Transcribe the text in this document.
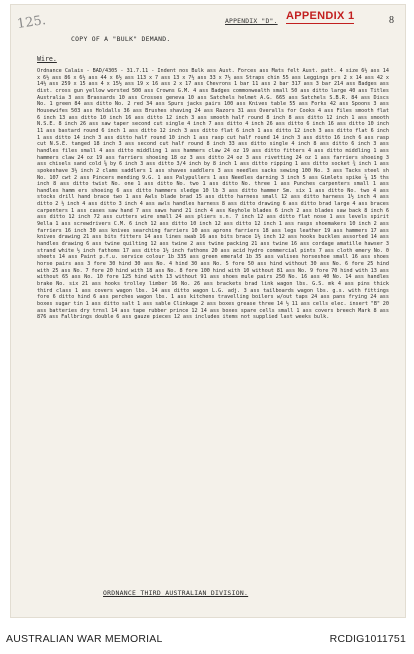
125.	APPENDIX "D". APPENDIX 1	8
COPY OF A "BULK" DEMAND.
Wire.
Ordnance Calais - BAD/4305 - 31.7.11 - Indent nos Bulk ass Aust. Forces ass Mats felt Aust. patt. 4 size 6½ ass 14 x 6½ ass 86 x 6½ ass 44 x 6½ ass 113 x 7 ass 13 x 7½ ass 33 x 7½ ass Straps chin 55 ass Leggings prs 2 x 14 ass 42 x 14½ ass 259 x 15 ass 4 x 15½ ass 19 x 16 ass 2 x 17 ass Chevrons 1 bar 11 ass 2 bar 317 ass 3 bar 214 ass Badges ass dist. cross gun yellow worsted 500 ass Crowns G.M. 4 ass Badges commonwealth small 50 ass ditto large 40 ass Titles Australia 3 ass Brassards 10 ass Crosses geneva 10 ass Satchels helmet A.G. 665 ass Satchels S.B.R. 84 ass Discs No. 1 green 84 ass ditto No. 2 red 34 ass Spurs jacks pairs 100 ass Knives table 55 ass Forks 42 ass Spoons 3 ass Housewifes 503 ass Holdalls 36 ass Brushes shaving 24 ass Razors 31 ass Overalls for Cooks 4 ass Files smooth flat 6 inch 13 ass ditto 10 inch 16 ass ditto 12 inch 3 ass smooth half round 8 inch 8 ass ditto 12 inch 1 ass smooth N.S.E. 8 inch 26 ass saw taper second cut single 4 inch 7 ass ditto 4 inch 26 ass ditto 6 inch 16 ass ditto 10 inch 11 ass bastard round 6 inch 1 ass ditto 12 inch 3 ass ditto flat 6 inch 1 ass ditto 12 inch 3 ass ditto flat 6 inch 1 ass ditto 14 inch 3 ass ditto half round 10 inch 1 ass rasp cut half round 14 inch 3 ass ditto 16 inch 6 ass rasp cut N.S.E. tanged 18 inch 3 ass second cut half round 8 inch 33 ass ditto single 4 inch 8 ass ditto 6 inch 3 ass handles files small 4 ass ditto middling 1 ass hammers claw 24 oz 19 ass ditto fitters 4 ass ditto middling 1 ass hammers claw 24 oz 19 ass farriers shoeing 18 oz 3 ass ditto 24 oz 3 ass rivetting 24 oz 1 ass farriers shoeing 3 ass chisels sand cold ⅝ by 6 inch 3 ass ditto 3/4 inch by 8 inch 1 ass ditto ripping 1 ass ditto socket ¾ inch 1 ass spokeshave 3½ inch 2 clams saddlers 1 ass shaves saddlers 3 ass needles sacks sewing 100 No. 3 ass Tacks steel sh No. 107 cwt 2 ass Pincers mending 9.G. 1 ass Palypullers 1 ass Needles darning 3 inch 5 ass Gimlets spike ⅞ 15 ths inch 8 ass ditto twist No. one 1 ass ditto No. two 1 ass ditto No. three 1 ass Punches carpenters small 1 ass handles hamm ers shoeing 6 ass ditto hammers sledge 10 lb 3 ass ditto hammer Sm. six 1 ass ditto No. two 4 ass stocks drill hand brace two 1 ass Awls blade brad 15 ass ditto harness small 12 ass ditto harness 1½ inch 4 ass ditto 2 ½ inch 4 ass ditto 3 inch 4 ass awls handles harness 8 ass ditto drawing 6 ass ditto brad large 4 ass braces carpenters 1 ass cases saw hand 7 ass saws hand 21 inch 4 ass Keyhole blades 6 inch 2 ass blades saw back 8 inch 6 ass ditto 12 inch 72 ass cutters wire small 24 ass pliers s.n. 7 inch 12 ass ditto flat nose 1 ass levels spirit 9ella 1 ass screwdrivers C.M. 6 inch 12 ass ditto 10 inch 12 ass ditto 12 inch 1 ass rasps shoemakers 10 inch 2 ass farriers 16 inch 30 ass knives searching farriers 10 ass aprons farriers 18 ass legs leather 19 ass hammers 17 ass knives drawing 21 ass bits fitters 14 ass lines swab 16 ass bits brace 1½ inch 12 ass hooks buckles assorted 14 ass handles drawing 6 ass twine quilting 12 ass twine 2 ass twine packing 21 ass twine 16 ass cordage amatille hawser 3 strand white ½ inch fathoms 17 ass ditto 1½ inch fathoms 20 ass acid hydro commercial pints 7 ass cloth emery No. 0 sheets 14 ass Paint p.f.u. service colour 1b 335 ass green emerald 1b 35 ass valises horseshoe small 16 ass shoes horse pairs ass 3 fore 30 hind 30 ass No. 4 hind 30 ass No. 5 fore 50 ass hind without 30 ass No. 6 fore 25 hind with 25 ass No. 7 fore 20 hind with 18 ass No. 8 fore 100 hind with 10 without 81 ass No. 9 fore 70 hind with 13 ass without 65 ass No. 10 fore 125 hind with 13 without 91 ass shoes mule pairs 250 No. 16 ass 40 No. 14 ass handles brake No. six 21 ass hooks trolley limber 16 No. 26 ass brackets brad link wagon lbs. G.S. mk 4 ass pins thick third class 1 ass covers wagon lbs. 14 ass ditto wagon L.G. adj. 3 ass tailboards wagon lbs. g.s. with fittings fore 6 ditto hind 6 ass perches wagon lbs. 1 ass kitchens travelling boilers w/out taps 24 ass pans frying 24 ass boxes sugar tin 1 ass ditto salt 1 ass sable Clinkage 2 ass boxes grease three 14 ½ 11 ass cells elec. insert "B" 20 ass batteries dry trnsl 14 ass tape rubber prince 12 14 ass boxes spare cells small 1 ass covers breech Mark 8 ass 876 ass Fallbrings double 6 ass gauze pieces 12 ass includes items not supplied last weeks bulk.
ORDNANCE THIRD AUSTRALIAN DIVISION.
AUSTRALIAN WAR MEMORIAL	RCDIG1011751
